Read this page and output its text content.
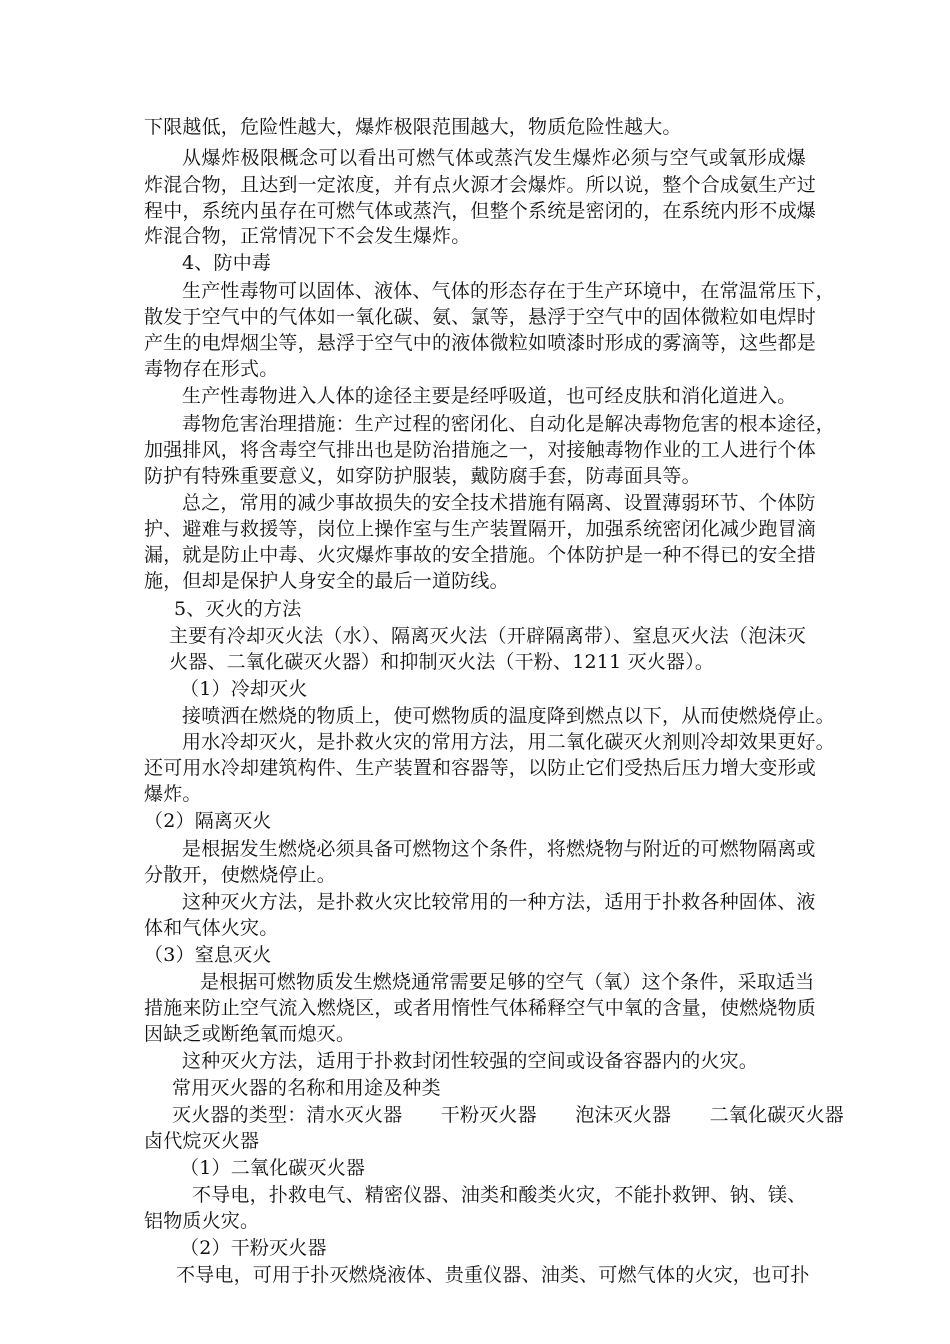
下限越低，危险性越大，爆炸极限范围越大，物质危险性越大。
从爆炸极限概念可以看出可燃气体或蒸汽发生爆炸必须与空气或氧形成爆
炸混合物，且达到一定浓度，并有点火源才会爆炸。所以说，整个合成氨生产过
程中，系统内虽存在可燃气体或蒸汽，但整个系统是密闭的，在系统内形不成爆
炸混合物，正常情况下不会发生爆炸。
4、防中毒
生产性毒物可以固体、液体、气体的形态存在于生产环境中，在常温常压下，
散发于空气中的气体如一氧化碳、氨、氯等，悬浮于空气中的固体微粒如电焊时
产生的电焊烟尘等，悬浮于空气中的液体微粒如喷漆时形成的雾滴等，这些都是
毒物存在形式。
生产性毒物进入人体的途径主要是经呼吸道，也可经皮肤和消化道进入。
毒物危害治理措施：生产过程的密闭化、自动化是解决毒物危害的根本途径，
加强排风，将含毒空气排出也是防治措施之一，对接触毒物作业的工人进行个体
防护有特殊重要意义，如穿防护服装，戴防腐手套，防毒面具等。
总之，常用的减少事故损失的安全技术措施有隔离、设置薄弱环节、个体防
护、避难与救援等，岗位上操作室与生产装置隔开，加强系统密闭化减少跑冒滴
漏，就是防止中毒、火灾爆炸事故的安全措施。个体防护是一种不得已的安全措
施，但却是保护人身安全的最后一道防线。
5、灭火的方法
主要有冷却灭火法（水）、隔离灭火法（开辟隔离带）、窒息灭火法（泡沫灭
火器、二氧化碳灭火器）和抑制灭火法（干粉、1211 灭火器）。
（1）冷却灭火
接喷洒在燃烧的物质上，使可燃物质的温度降到燃点以下，从而使燃烧停止。
用水冷却灭火，是扑救火灾的常用方法，用二氧化碳灭火剂则冷却效果更好。
还可用水冷却建筑构件、生产装置和容器等，以防止它们受热后压力增大变形或
爆炸。
（2）隔离灭火
是根据发生燃烧必须具备可燃物这个条件，将燃烧物与附近的可燃物隔离或
分散开，使燃烧停止。
这种灭火方法，是扑救火灾比较常用的一种方法，适用于扑救各种固体、液
体和气体火灾。
（3）窒息灭火
是根据可燃物质发生燃烧通常需要足够的空气（氧）这个条件，采取适当
措施来防止空气流入燃烧区，或者用惰性气体稀释空气中氧的含量，使燃烧物质
因缺乏或断绝氧而熄灭。
这种灭火方法，适用于扑救封闭性较强的空间或设备容器内的火灾。
常用灭火器的名称和用途及种类
灭火器的类型：清水灭火器　　干粉灭火器　　泡沫灭火器　　二氧化碳灭火器
卤代烷灭火器
（1）二氧化碳灭火器
不导电，扑救电气、精密仪器、油类和酸类火灾，不能扑救钾、钠、镁、
铝物质火灾。
（2）干粉灭火器
不导电，可用于扑灭燃烧液体、贵重仪器、油类、可燃气体的火灾，也可扑
